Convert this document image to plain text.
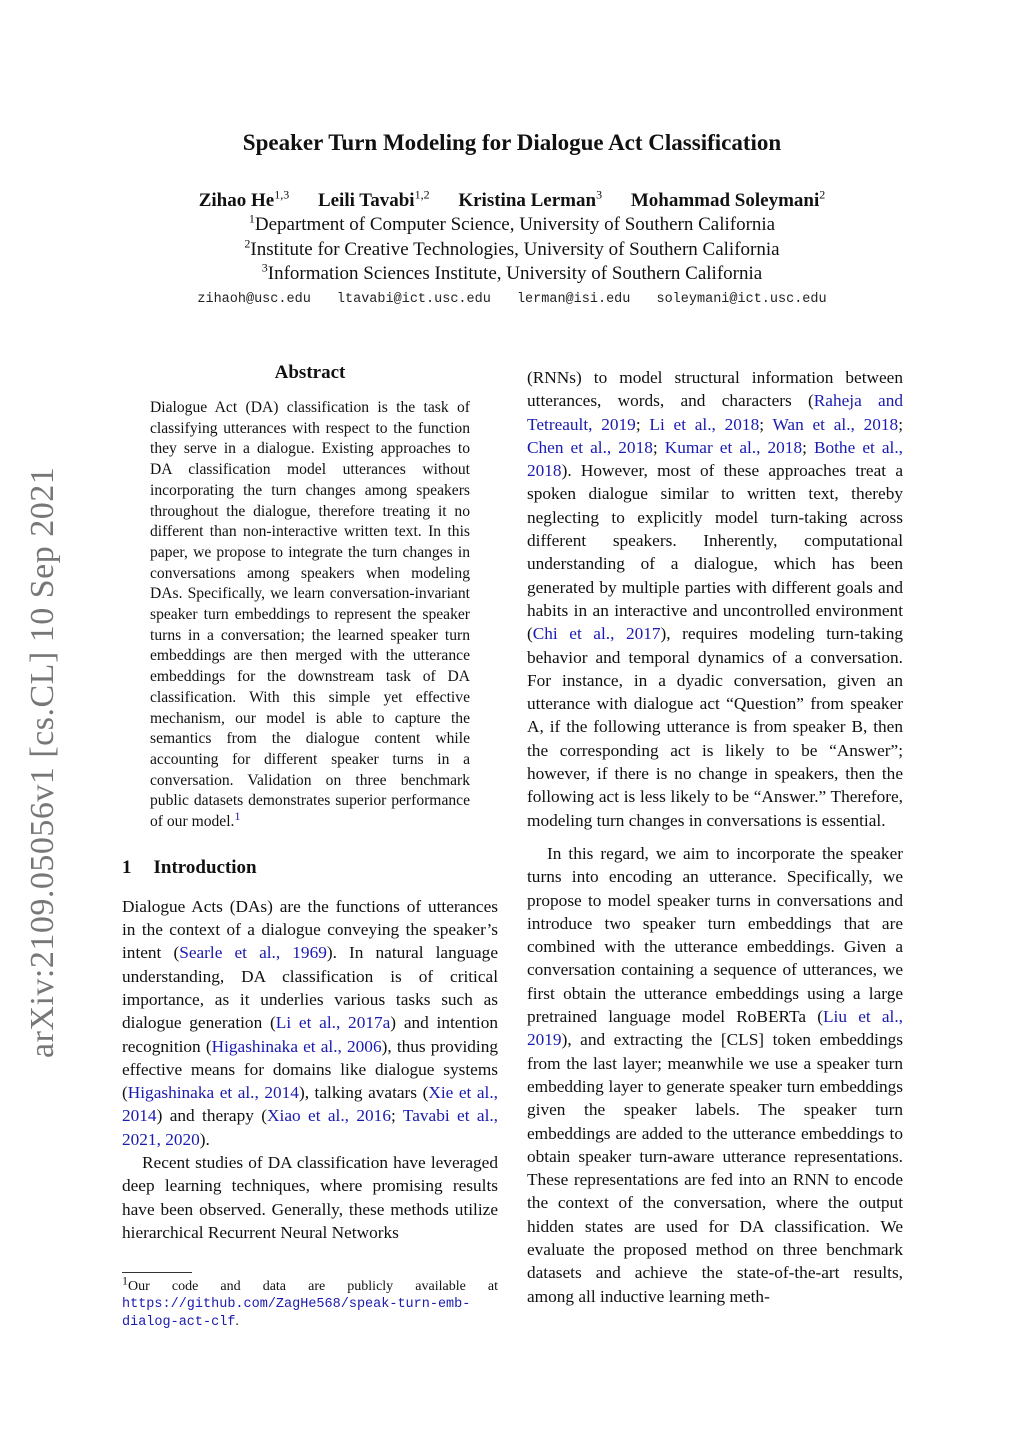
Speaker Turn Modeling for Dialogue Act Classification
Zihao He$^{1,3}$ Leili Tavabi$^{1,2}$ Kristina Lerman$^3$ Mohammad Soleymani$^2$
$^1$Department of Computer Science, University of Southern California
$^2$Institute for Creative Technologies, University of Southern California
$^3$Information Sciences Institute, University of Southern California
zihaoh@usc.edu ltavabi@ict.usc.edu lerman@isi.edu soleymani@ict.usc.edu
arXiv:2109.05056v1 [cs.CL] 10 Sep 2021
Abstract
Dialogue Act (DA) classification is the task of classifying utterances with respect to the function they serve in a dialogue. Existing approaches to DA classification model utterances without incorporating the turn changes among speakers throughout the dialogue, therefore treating it no different than non-interactive written text. In this paper, we propose to integrate the turn changes in conversations among speakers when modeling DAs. Specifically, we learn conversation-invariant speaker turn embeddings to represent the speaker turns in a conversation; the learned speaker turn embeddings are then merged with the utterance embeddings for the downstream task of DA classification. With this simple yet effective mechanism, our model is able to capture the semantics from the dialogue content while accounting for different speaker turns in a conversation. Validation on three benchmark public datasets demonstrates superior performance of our model.$^1$
1 Introduction

Dialogue Acts (DAs) are the functions of utterances in the context of a dialogue conveying the speaker’s intent (Searle et al., 1969). In natural language understanding, DA classification is of critical importance, as it underlies various tasks such as dialogue generation (Li et al., 2017a) and intention recognition (Higashinaka et al., 2006), thus providing effective means for domains like dialogue systems (Higashinaka et al., 2014), talking avatars (Xie et al., 2014) and therapy (Xiao et al., 2016; Tavabi et al., 2021, 2020).

Recent studies of DA classification have leveraged deep learning techniques, where promising results have been observed. Generally, these methods utilize hierarchical Recurrent Neural Networks

$^1$Our code and data are publicly available at https://github.com/ZagHe568/speak-turn-emb-dialog-act-clf.

(RNNs) to model structural information between utterances, words, and characters (Raheja and Tetreault, 2019; Li et al., 2018; Wan et al., 2018; Chen et al., 2018; Kumar et al., 2018; Bothe et al., 2018). However, most of these approaches treat a spoken dialogue similar to written text, thereby neglecting to explicitly model turn-taking across different speakers. Inherently, computational understanding of a dialogue, which has been generated by multiple parties with different goals and habits in an interactive and uncontrolled environment (Chi et al., 2017), requires modeling turn-taking behavior and temporal dynamics of a conversation. For instance, in a dyadic conversation, given an utterance with dialogue act “Question” from speaker A, if the following utterance is from speaker B, then the corresponding act is likely to be “Answer”; however, if there is no change in speakers, then the following act is less likely to be “Answer.” Therefore, modeling turn changes in conversations is essential.

In this regard, we aim to incorporate the speaker turns into encoding an utterance. Specifically, we propose to model speaker turns in conversations and introduce two speaker turn embeddings that are combined with the utterance embeddings. Given a conversation containing a sequence of utterances, we first obtain the utterance embeddings using a large pretrained language model RoBERTa (Liu et al., 2019), and extracting the [CLS] token embeddings from the last layer; meanwhile we use a speaker turn embedding layer to generate speaker turn embeddings given the speaker labels. The speaker turn embeddings are added to the utterance embeddings to obtain speaker turn-aware utterance representations. These representations are fed into an RNN to encode the context of the conversation, where the output hidden states are used for DA classification. We evaluate the proposed method on three benchmark datasets and achieve the state-of-the-art results, among all inductive learning meth-
